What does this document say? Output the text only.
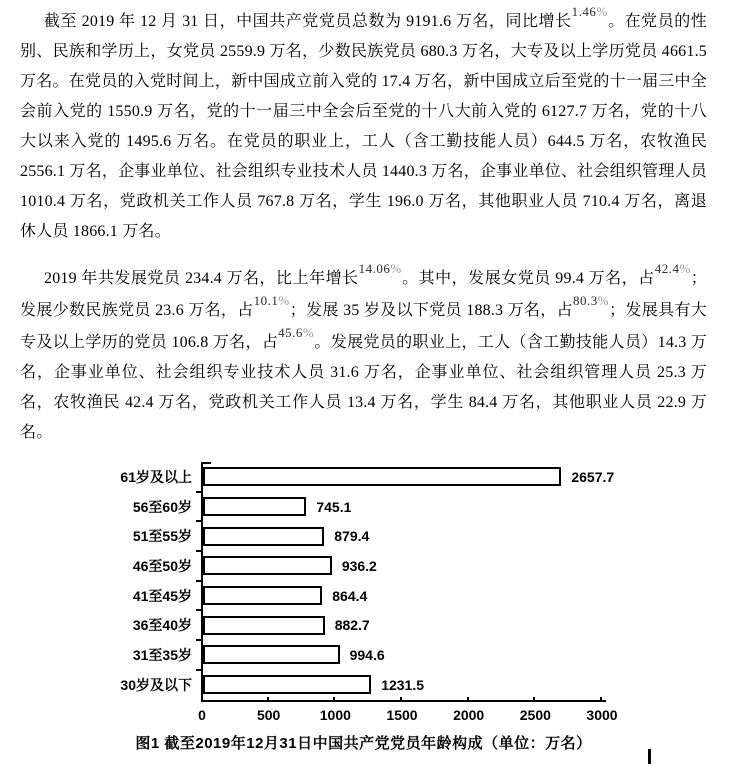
截至 2019 年 12 月 31 日，中国共产党党员总数为 9191.6 万名，同比增长$^{1.46\%}$。在党员的性别、民族和学历上，女党员 2559.9 万名，少数民族党员 680.3 万名，大专及以上学历党员 4661.5 万名。在党员的入党时间上，新中国成立前入党的 17.4 万名，新中国成立后至党的十一届三中全会前入党的 1550.9 万名，党的十一届三中全会后至党的十八大前入党的 6127.7 万名，党的十八大以来入党的 1495.6 万名。在党员的职业上，工人（含工勤技能人员）644.5 万名，农牧渔民 2556.1 万名，企事业单位、社会组织专业技术人员 1440.3 万名，企事业单位、社会组织管理人员 1010.4 万名，党政机关工作人员 767.8 万名，学生 196.0 万名，其他职业人员 710.4 万名，离退休人员 1866.1 万名。

2019 年共发展党员 234.4 万名，比上年增长$^{14.06\%}$。其中，发展女党员 99.4 万名，占$^{42.4\%}$；发展少数民族党员 23.6 万名，占$^{10.1\%}$；发展 35 岁及以下党员 188.3 万名，占$^{80.3\%}$；发展具有大专及以上学历的党员 106.8 万名，占$^{45.6\%}$。发展党员的职业上，工人（含工勤技能人员）14.3 万名，企事业单位、社会组织专业技术人员 31.6 万名，企事业单位、社会组织管理人员 25.3 万名，农牧渔民 42.4 万名，党政机关工作人员 13.4 万名，学生 84.4 万名，其他职业人员 22.9 万名。

61岁及以上	2657.7
56至60岁	745.1
51至55岁	879.4
46至50岁	936.2
41至45岁	864.4
36至40岁	882.7
31至35岁	994.6
30岁及以下	1231.5
0	500	1000	1500	2000	2500	3000
图1 截至2019年12月31日中国共产党党员年龄构成（单位：万名）
